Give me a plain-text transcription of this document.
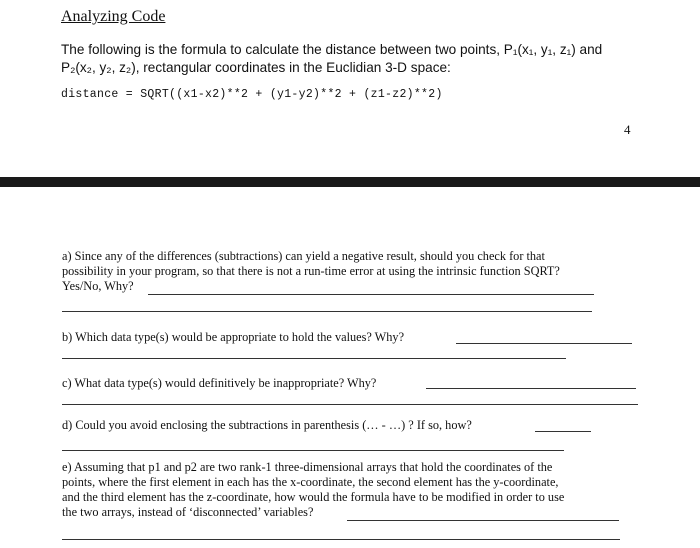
Analyzing Code
The following is the formula to calculate the distance between two points, P₁(x₁, y₁, z₁) and
P₂(x₂, y₂, z₂), rectangular coordinates in the Euclidian 3-D space:
distance = SQRT((x1-x2)**2 + (y1-y2)**2 + (z1-z2)**2)
4
a) Since any of the differences (subtractions) can yield a negative result, should you check for that
possibility in your program, so that there is not a run-time error at using the intrinsic function SQRT?
Yes/No, Why?
b) Which data type(s) would be appropriate to hold the values? Why?
c) What data type(s) would definitively be inappropriate? Why?
d) Could you avoid enclosing the subtractions in parenthesis (… - …) ? If so, how?
e) Assuming that p1 and p2 are two rank-1 three-dimensional arrays that hold the coordinates of the
points, where the first element in each has the x-coordinate, the second element has the y-coordinate,
and the third element has the z-coordinate, how would the formula have to be modified in order to use
the two arrays, instead of ‘disconnected’ variables?
